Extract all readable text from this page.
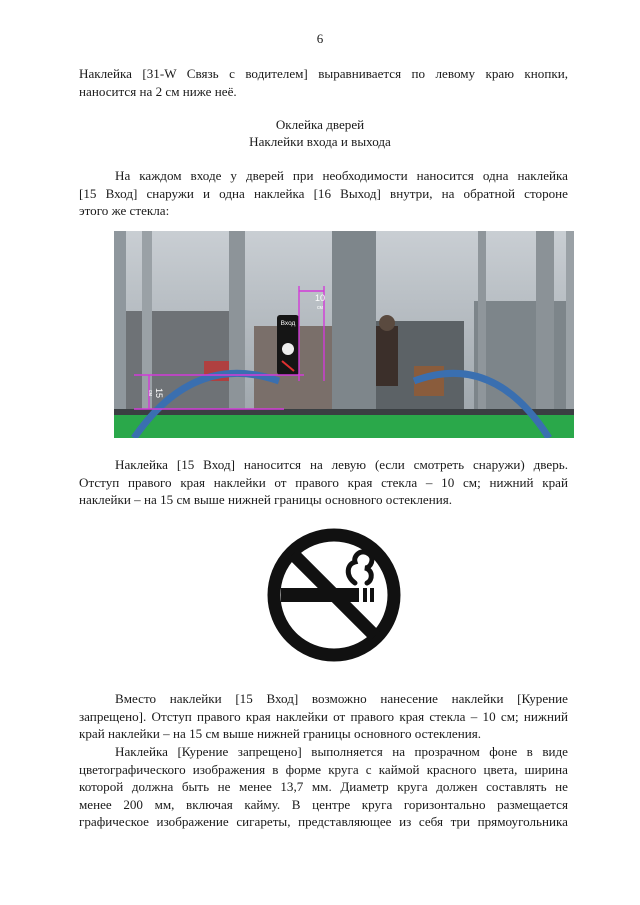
6
Наклейка [31-W Связь с водителем] выравнивается по левому краю кнопки,
наносится на 2 см ниже неё.
Оклейка дверей
Наклейки входа и выхода
На каждом входе у дверей при необходимости наносится одна наклейка
[15 Вход] снаружи и одна наклейка [16 Выход] внутри, на обратной стороне
этого же стекла:
Вход
10
см
15
см
Наклейка [15 Вход] наносится на левую (если смотреть снаружи) дверь.
Отступ правого края наклейки от правого края стекла – 10 см; нижний край
наклейки – на 15 см выше нижней границы основного остекления.
Вместо наклейки [15 Вход] возможно нанесение наклейки [Курение
запрещено]. Отступ правого края наклейки от правого края стекла – 10 см; нижний
край наклейки – на 15 см выше нижней границы основного остекления.
Наклейка [Курение запрещено] выполняется на прозрачном фоне в виде
цветографического изображения в форме круга с каймой красного цвета, ширина
которой должна быть не менее 13,7 мм. Диаметр круга должен составлять не
менее 200 мм, включая кайму. В центре круга горизонтально размещается
графическое изображение сигареты, представляющее из себя три прямоугольника
